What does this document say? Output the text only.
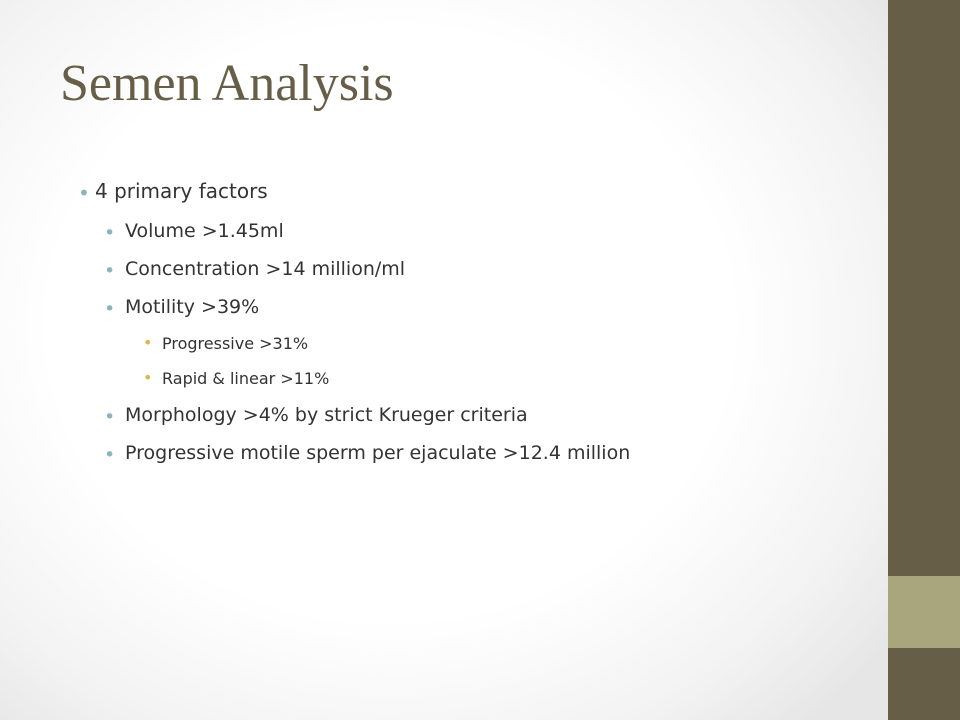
Semen Analysis
• 4 primary factors
• Volume >1.45ml
• Concentration >14 million/ml
• Motility >39%
• Progressive >31%
• Rapid & linear >11%
• Morphology >4% by strict Krueger criteria
• Progressive motile sperm per ejaculate >12.4 million
